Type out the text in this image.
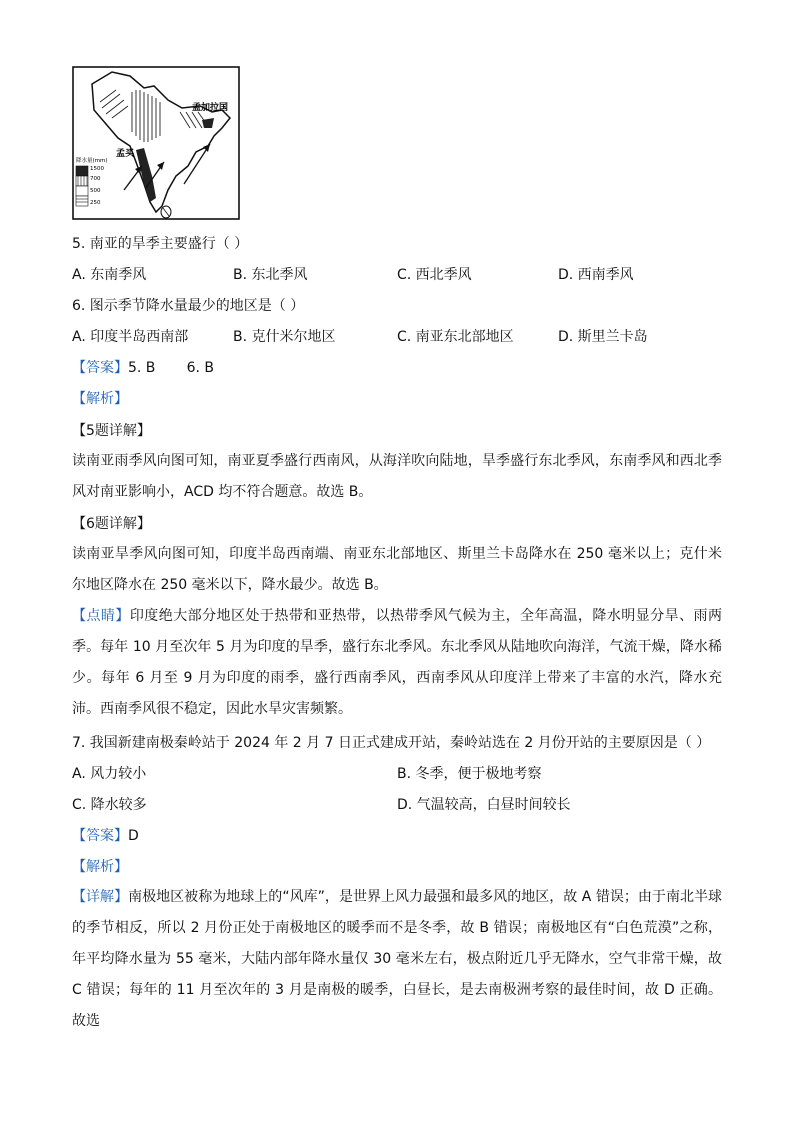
降水量(mm)
1500
700
500
250
孟加拉国
孟买
5. 南亚的旱季主要盛行（ ）
A. 东南季风	B. 东北季风	C. 西北季风	D. 西南季风
6. 图示季节降水量最少的地区是（ ）
A. 印度半岛西南部	B. 克什米尔地区	C. 南亚东北部地区	D. 斯里兰卡岛
【答案】5. B       6. B
【解析】
【5题详解】

读南亚雨季风向图可知，南亚夏季盛行西南风，从海洋吹向陆地，旱季盛行东北季风，东南季风和西北季风对南亚影响小，ACD 均不符合题意。故选 B。

【6题详解】

读南亚旱季风向图可知，印度半岛西南端、南亚东北部地区、斯里兰卡岛降水在 250 毫米以上；克什米尔地区降水在 250 毫米以下，降水最少。故选 B。

【点睛】印度绝大部分地区处于热带和亚热带，以热带季风气候为主，全年高温，降水明显分旱、雨两季。每年 10 月至次年 5 月为印度的旱季，盛行东北季风。东北季风从陆地吹向海洋，气流干燥，降水稀少。每年 6 月至 9 月为印度的雨季，盛行西南季风，西南季风从印度洋上带来了丰富的水汽，降水充沛。西南季风很不稳定，因此水旱灾害频繁。

7. 我国新建南极秦岭站于 2024 年 2 月 7 日正式建成开站，秦岭站选在 2 月份开站的主要原因是（ ）
A. 风力较小	B. 冬季，便于极地考察
C. 降水较多	D. 气温较高，白昼时间较长
【答案】D
【解析】

【详解】南极地区被称为地球上的“风库”，是世界上风力最强和最多风的地区，故 A 错误；由于南北半球的季节相反，所以 2 月份正处于南极地区的暖季而不是冬季，故 B 错误；南极地区有“白色荒漠”之称，年平均降水量为 55 毫米，大陆内部年降水量仅 30 毫米左右，极点附近几乎无降水，空气非常干燥，故 C 错误；每年的 11 月至次年的 3 月是南极的暖季，白昼长，是去南极洲考察的最佳时间，故 D 正确。故选
